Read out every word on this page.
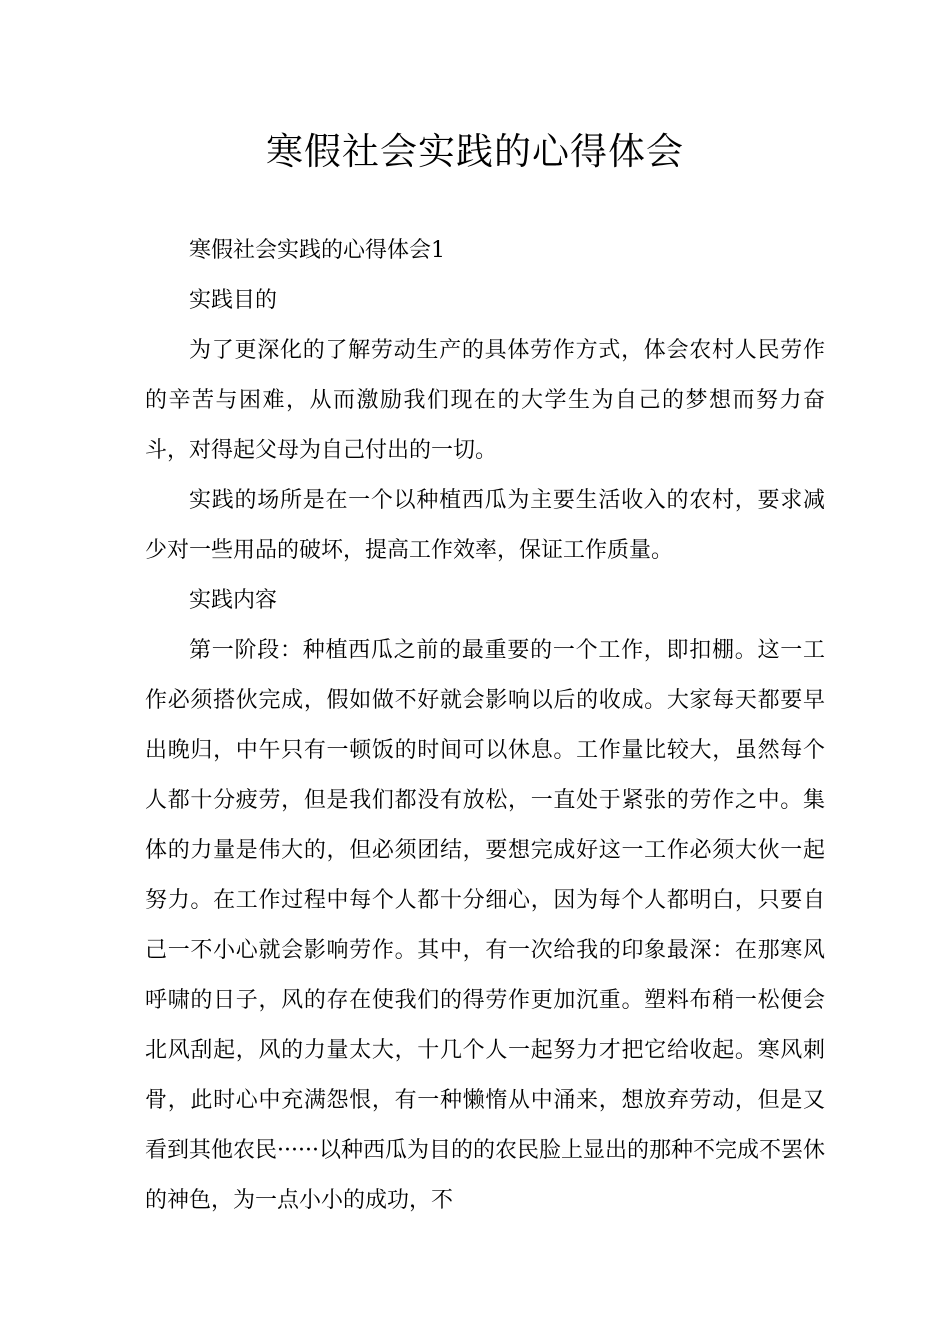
寒假社会实践的心得体会

寒假社会实践的心得体会1

实践目的

为了更深化的了解劳动生产的具体劳作方式，体会农村人民劳作的辛苦与困难，从而激励我们现在的大学生为自己的梦想而努力奋斗，对得起父母为自己付出的一切。

实践的场所是在一个以种植西瓜为主要生活收入的农村，要求减少对一些用品的破坏，提高工作效率，保证工作质量。

实践内容

第一阶段：种植西瓜之前的最重要的一个工作，即扣棚。这一工作必须搭伙完成，假如做不好就会影响以后的收成。大家每天都要早出晚归，中午只有一顿饭的时间可以休息。工作量比较大，虽然每个人都十分疲劳，但是我们都没有放松，一直处于紧张的劳作之中。集体的力量是伟大的，但必须团结，要想完成好这一工作必须大伙一起努力。在工作过程中每个人都十分细心，因为每个人都明白，只要自己一不小心就会影响劳作。其中，有一次给我的印象最深：在那寒风呼啸的日子，风的存在使我们的得劳作更加沉重。塑料布稍一松便会北风刮起，风的力量太大，十几个人一起努力才把它给收起。寒风刺骨，此时心中充满怨恨，有一种懒惰从中涌来，想放弃劳动，但是又看到其他农民······以种西瓜为目的的农民脸上显出的那种不完成不罢休的神色，为一点小小的成功，不
